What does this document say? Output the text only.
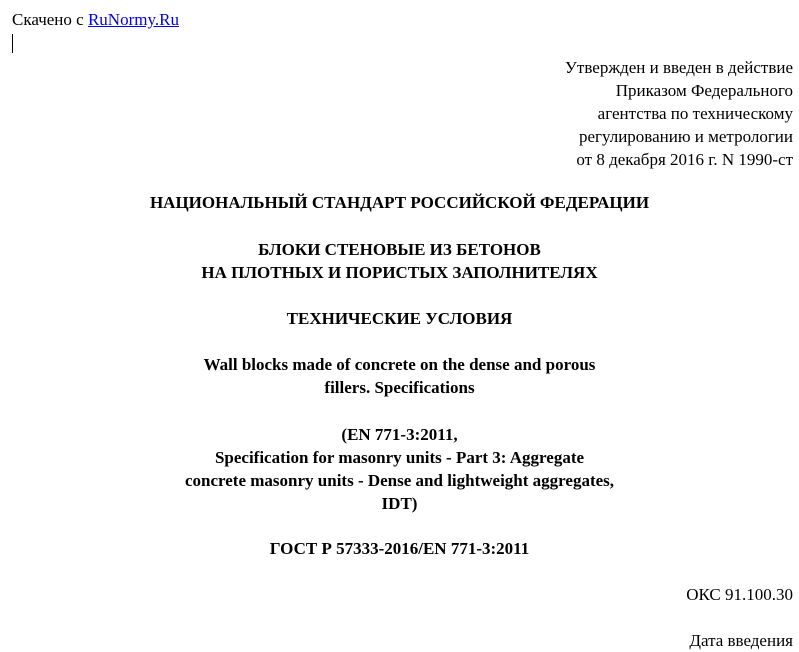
Скачено с RuNormy.Ru
Утвержден и введен в действие
Приказом Федерального
агентства по техническому
регулированию и метрологии
от 8 декабря 2016 г. N 1990-ст
НАЦИОНАЛЬНЫЙ СТАНДАРТ РОССИЙСКОЙ ФЕДЕРАЦИИ
БЛОКИ СТЕНОВЫЕ ИЗ БЕТОНОВ
НА ПЛОТНЫХ И ПОРИСТЫХ ЗАПОЛНИТЕЛЯХ
ТЕХНИЧЕСКИЕ УСЛОВИЯ
Wall blocks made of concrete on the dense and porous
fillers. Specifications
(EN 771-3:2011,
Specification for masonry units - Part 3: Aggregate
concrete masonry units - Dense and lightweight aggregates,
IDT)
ГОСТ Р 57333-2016/EN 771-3:2011
ОКС 91.100.30
Дата введения
